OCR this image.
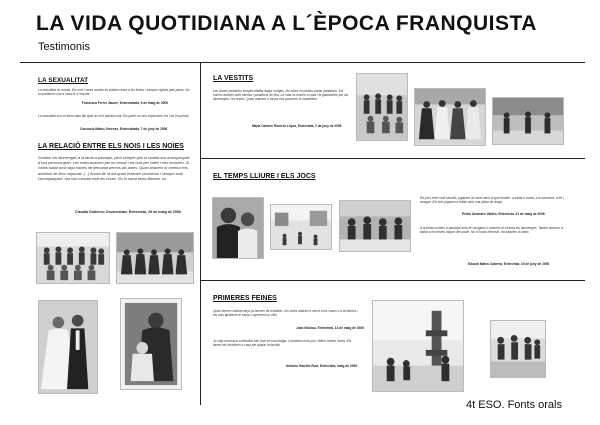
LA VIDA QUOTIDIANA A L´ÈPOCA FRANQUISTA
Testimonis
LA SEXUALITAT
La sexualitat no existia. Els nois i noies només es podien veure a les festes i sempre vigilats pels pares. No en parlàvem mai a casa ni a l'escola.
Francisca Ferrer Jaume, Entrevistada, 9 de maig de 2006
La sexualitat era un tema tabú del qual no se'n parlava mai. Els pares no ens explicaven res i tot era pecat.
Consuelo Mateu Jiménez, Entrevistada, 7 de juny de 2006
LA RELACIÓ ENTRE ELS NOIS I LES NOIES
Sortíem els diumenges a la tarda a passejar, però sempre que la sortida era acompanyats d'una persona gran. Les noies anàvem per un costat i els nois per l'altre i ens miràvem. Si volies ballar amb algú havies de demanar permís als pares. Quan anàvem al cinema ens asseiem en llocs separats. [...] Anava de la mà quan estàvem promesos i sempre amb l'acompanyant. Ara han canviat molt les coses. No hi havia tanta llibertat, no.
Claudia Gutiérrez Covarrubias. Entrevista, 29 de maig de 2006
LA VESTITS
Les dones portàvem sempre faldilla llarga i mitges, les noies no podien portar pantalons. Els homes anaven amb camisa i pantalons de tela. La roba la cosíem a casa i la guardàvem per als diumenges i les festes. Quan anàvem a missa ens posàvem la mantellina.
Maria Carmen Romero López, Entrevista, 2 de juny de 2006
EL TEMPS LLIURE I ELS JOCS
Els jocs eren molt senzills, jugàvem al carrer amb el que teníem: a saltar a corda, a la xarranca, a fet i amagar. Els nois jugaven a futbol amb una pilota de draps.
Pedro Aleandro Valdés, Entrevista, 31 de maig de 2006
A la tarda sortíem a passejar amb les amigues o anàvem al cinema els diumenges. També anàvem a ballar a les festes majors del poble. No hi havia televisió, escoltàvem la ràdio.
Eduard Mateu Cabrera, Entrevista, 10 de juny de 2006
PRIMERES FEINES
Quan teníem catorze anys ja havíem de treballar. Les noies anaven a servir a les cases o a la fàbrica i els nois ajudaven al camp o aprenien un ofici.
Joan Nicolau, Entrevista, 14 de maig de 2006
Jo vaig començar a treballar ben jove en una botiga. Cobràvem molt poc i fèiem moltes hores. Els diners els donàvem a casa per ajudar la família.
Antonio Garrido Ruiz, Entrevista, maig de 2006
4t ESO. Fonts orals
